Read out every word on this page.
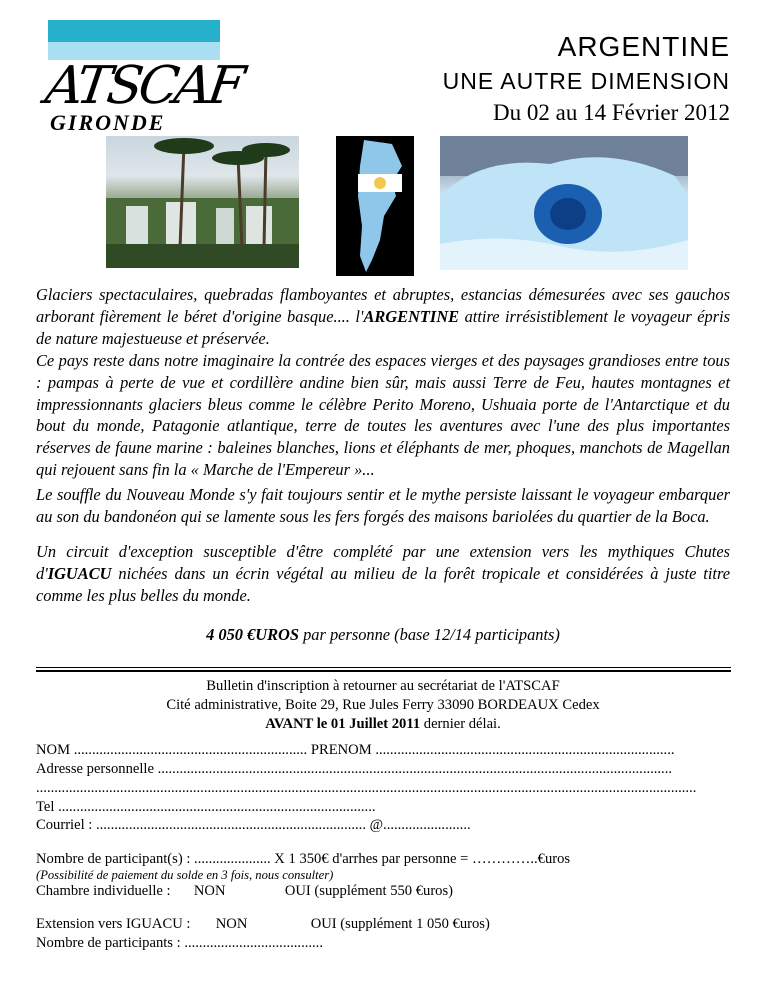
ATSCAF
GIRONDE
ARGENTINE
UNE AUTRE DIMENSION
Du 02 au 14 Février 2012
Glaciers spectaculaires, quebradas flamboyantes et abruptes, estancias démesurées avec ses gauchos arborant fièrement le béret d'origine basque.... l'ARGENTINE attire irrésistiblement le voyageur épris de nature majestueuse et préservée.
Ce pays reste dans notre imaginaire la contrée des espaces vierges et des paysages grandioses entre tous : pampas à perte de vue et cordillère andine bien sûr, mais aussi Terre de Feu, hautes montagnes et impressionnants glaciers bleus comme le célèbre Perito Moreno, Ushuaia porte de l'Antarctique et du bout du monde, Patagonie atlantique, terre de toutes les aventures avec l'une des plus importantes réserves de faune marine : baleines blanches, lions et éléphants de mer, phoques, manchots de Magellan qui rejouent sans fin la « Marche de l'Empereur »...
Le souffle du Nouveau Monde s'y fait toujours sentir et le mythe persiste laissant le voyageur embarquer au son du bandonéon qui se lamente sous les fers forgés des maisons bariolées du quartier de la Boca.
Un circuit d'exception susceptible d'être complété par une extension vers les mythiques Chutes d'IGUACU nichées dans un écrin végétal au milieu de la forêt tropicale et considérées à juste titre comme les plus belles du monde.
4 050 €UROS par personne (base 12/14 participants)
Bulletin d'inscription à retourner au secrétariat de l'ATSCAF
Cité administrative, Boite 29, Rue Jules Ferry 33090 BORDEAUX Cedex
AVANT le 01 Juillet 2011 dernier délai.
NOM ................................................................ PRENOM ..................................................................................
Adresse personnelle .............................................................................................................................................
.....................................................................................................................................................................................
Tel .......................................................................................
Courriel : .......................................................................... @........................
Nombre de participant(s) : ..................... X 1 350€ d'arrhes par personne = …………..€uros
(Possibilité de paiement du solde en 3 fois, nous consulter)
Chambre individuelle : NON	OUI (supplément 550 €uros)
Extension vers IGUACU : NON	OUI (supplément 1 050 €uros)
Nombre de participants : ......................................
